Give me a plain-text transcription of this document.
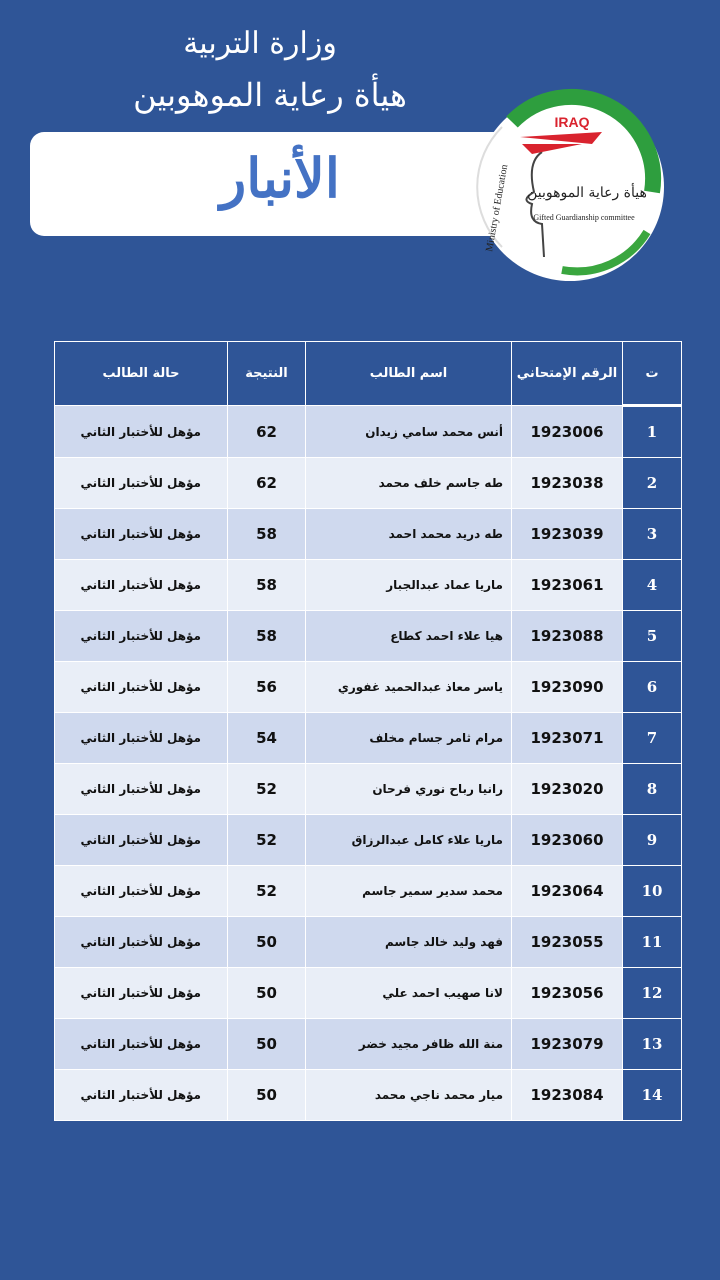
وزارة التربية
هيأة رعاية الموهوبين
الأنبار
IRAQ
هيأة رعاية الموهوبين
Gifted Guardianship committee
Ministry of Education
ت	الرقم الإمتحاني	اسم الطالب	النتيجة	حالة الطالب
1	1923006	أنس محمد سامي زيدان	62	مؤهل للأختبار الثاني
2	1923038	طه جاسم خلف محمد	62	مؤهل للأختبار الثاني
3	1923039	طه دريد محمد احمد	58	مؤهل للأختبار الثاني
4	1923061	ماريا عماد عبدالجبار	58	مؤهل للأختبار الثاني
5	1923088	هيا علاء احمد كطاع	58	مؤهل للأختبار الثاني
6	1923090	ياسر معاذ عبدالحميد غفوري	56	مؤهل للأختبار الثاني
7	1923071	مرام ثامر جسام مخلف	54	مؤهل للأختبار الثاني
8	1923020	رانيا رباح نوري فرحان	52	مؤهل للأختبار الثاني
9	1923060	ماريا علاء كامل عبدالرزاق	52	مؤهل للأختبار الثاني
10	1923064	محمد سدير سمير جاسم	52	مؤهل للأختبار الثاني
11	1923055	فهد وليد خالد جاسم	50	مؤهل للأختبار الثاني
12	1923056	لانا صهيب احمد علي	50	مؤهل للأختبار الثاني
13	1923079	منة الله ظافر مجيد خضر	50	مؤهل للأختبار الثاني
14	1923084	ميار محمد ناجي محمد	50	مؤهل للأختبار الثاني
